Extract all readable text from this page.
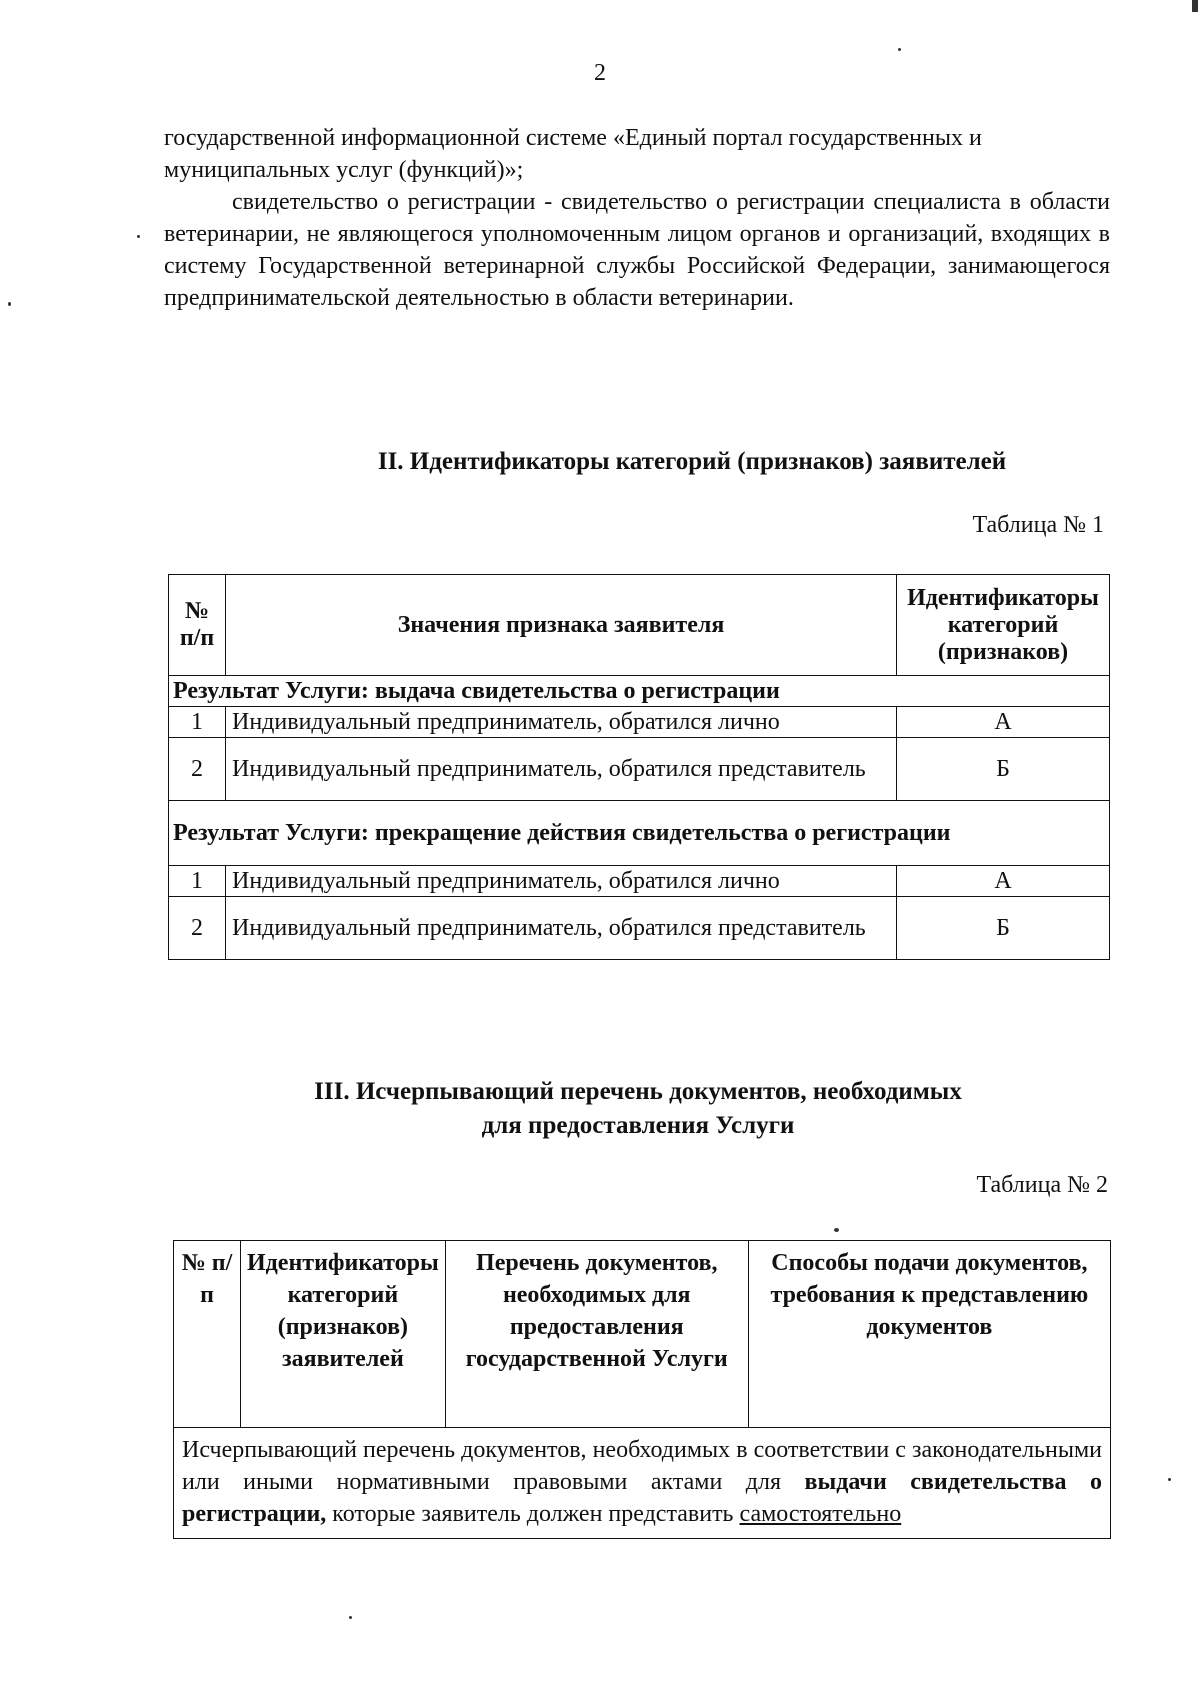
2

государственной информационной системе «Единый портал государственных и муниципальных услуг (функций)»;

свидетельство о регистрации - свидетельство о регистрации специалиста в области ветеринарии, не являющегося уполномоченным лицом органов и организаций, входящих в систему Государственной ветеринарной службы Российской Федерации, занимающегося предпринимательской деятельностью в области ветеринарии.

II. Идентификаторы категорий (признаков) заявителей
Таблица № 1
№ п/п	Значения признака заявителя	Идентификаторы категорий (признаков)
Результат Услуги: выдача свидетельства о регистрации		
1	Индивидуальный предприниматель, обратился лично	А
2	Индивидуальный предприниматель, обратился представитель	Б
Результат Услуги: прекращение действия свидетельства о регистрации		
1	Индивидуальный предприниматель, обратился лично	А
2	Индивидуальный предприниматель, обратился представитель	Б
III. Исчерпывающий перечень документов, необходимых
для предоставления Услуги
Таблица № 2
№ п/п	Идентификаторы категорий (признаков) заявителей	Перечень документов, необходимых для предоставления государственной Услуги	Способы подачи документов, требования к представлению документов
Исчерпывающий перечень документов, необходимых в соответствии с законодательными или иными нормативными правовыми актами для выдачи свидетельства о регистрации, которые заявитель должен представить самостоятельно
